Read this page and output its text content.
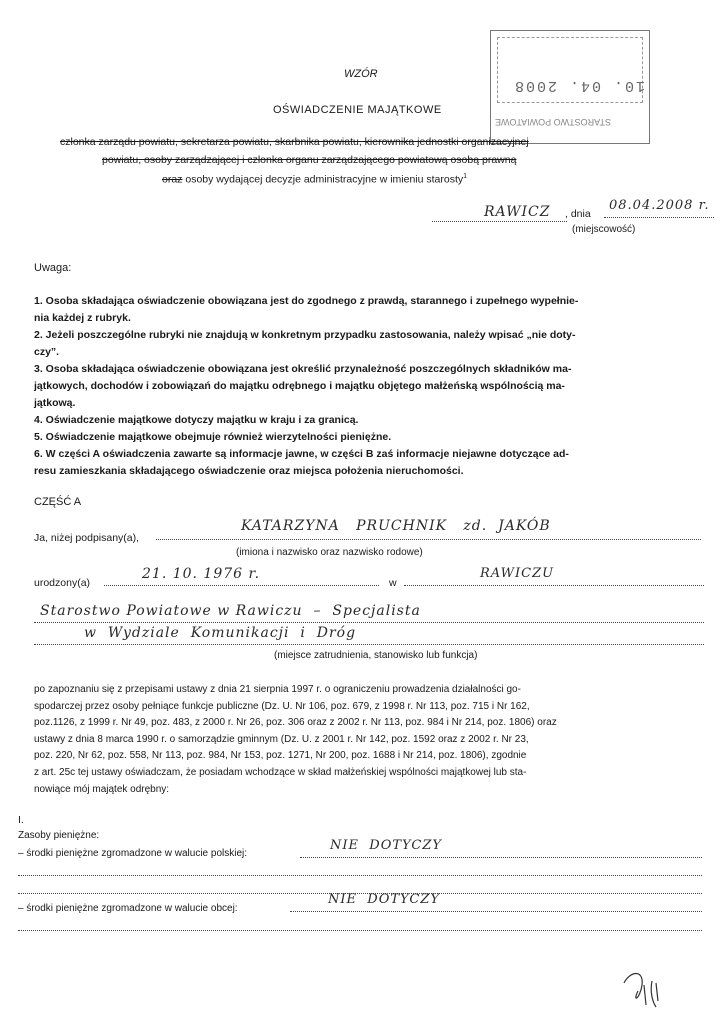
10. 04. 2008
STAROSTWO POWIATOWE
WZÓR
OŚWIADCZENIE MAJĄTKOWE
członka zarządu powiatu, sekretarza powiatu, skarbnika powiatu, kierownika jednostki organizacyjnej
powiatu, osoby zarządzającej i członka organu zarządzającego powiatową osobą prawną
oraz osoby wydającej decyzje administracyjne w imieniu starosty$^1$
RAWICZ , dnia
08.04.2008 r.
(miejscowość)
Uwaga:
1. Osoba składająca oświadczenie obowiązana jest do zgodnego z prawdą, starannego i zupełnego wypełnie-
nia każdej z rubryk.
2. Jeżeli poszczególne rubryki nie znajdują w konkretnym przypadku zastosowania, należy wpisać „nie doty-
czy”.
3. Osoba składająca oświadczenie obowiązana jest określić przynależność poszczególnych składników ma-
jątkowych, dochodów i zobowiązań do majątku odrębnego i majątku objętego małżeńską wspólnością ma-
jątkową.
4. Oświadczenie majątkowe dotyczy majątku w kraju i za granicą.
5. Oświadczenie majątkowe obejmuje również wierzytelności pieniężne.
6. W części A oświadczenia zawarte są informacje jawne, w części B zaś informacje niejawne dotyczące ad-
resu zamieszkania składającego oświadczenie oraz miejsca położenia nieruchomości.
CZĘŚĆ A
Ja, niżej podpisany(a),
KATARZYNA   PRUCHNIK   zd.  JAKÓB
(imiona i nazwisko oraz nazwisko rodowe)
urodzony(a)
21. 10. 1976 r.
w
RAWICZU
Starostwo Powiatowe w Rawiczu  –  Specjalista
w  Wydziale  Komunikacji  i  Dróg
(miejsce zatrudnienia, stanowisko lub funkcja)
po zapoznaniu się z przepisami ustawy z dnia 21 sierpnia 1997 r. o ograniczeniu prowadzenia działalności go-
spodarczej przez osoby pełniące funkcje publiczne (Dz. U. Nr 106, poz. 679, z 1998 r. Nr 113, poz. 715 i Nr 162,
poz.1126, z 1999 r. Nr 49, poz. 483, z 2000 r. Nr 26, poz. 306 oraz z 2002 r. Nr 113, poz. 984 i Nr 214, poz. 1806) oraz
ustawy z dnia 8 marca 1990 r. o samorządzie gminnym (Dz. U. z 2001 r. Nr 142, poz. 1592 oraz z 2002 r. Nr 23,
poz. 220, Nr 62, poz. 558, Nr 113, poz. 984, Nr 153, poz. 1271, Nr 200, poz. 1688 i Nr 214, poz. 1806), zgodnie
z art. 25c tej ustawy oświadczam, że posiadam wchodzące w skład małżeńskiej wspólności majątkowej lub sta-
nowiące mój majątek odrębny:
I.
Zasoby pieniężne:
– środki pieniężne zgromadzone w walucie polskiej:
NIE  DOTYCZY
– środki pieniężne zgromadzone w walucie obcej:
NIE  DOTYCZY
